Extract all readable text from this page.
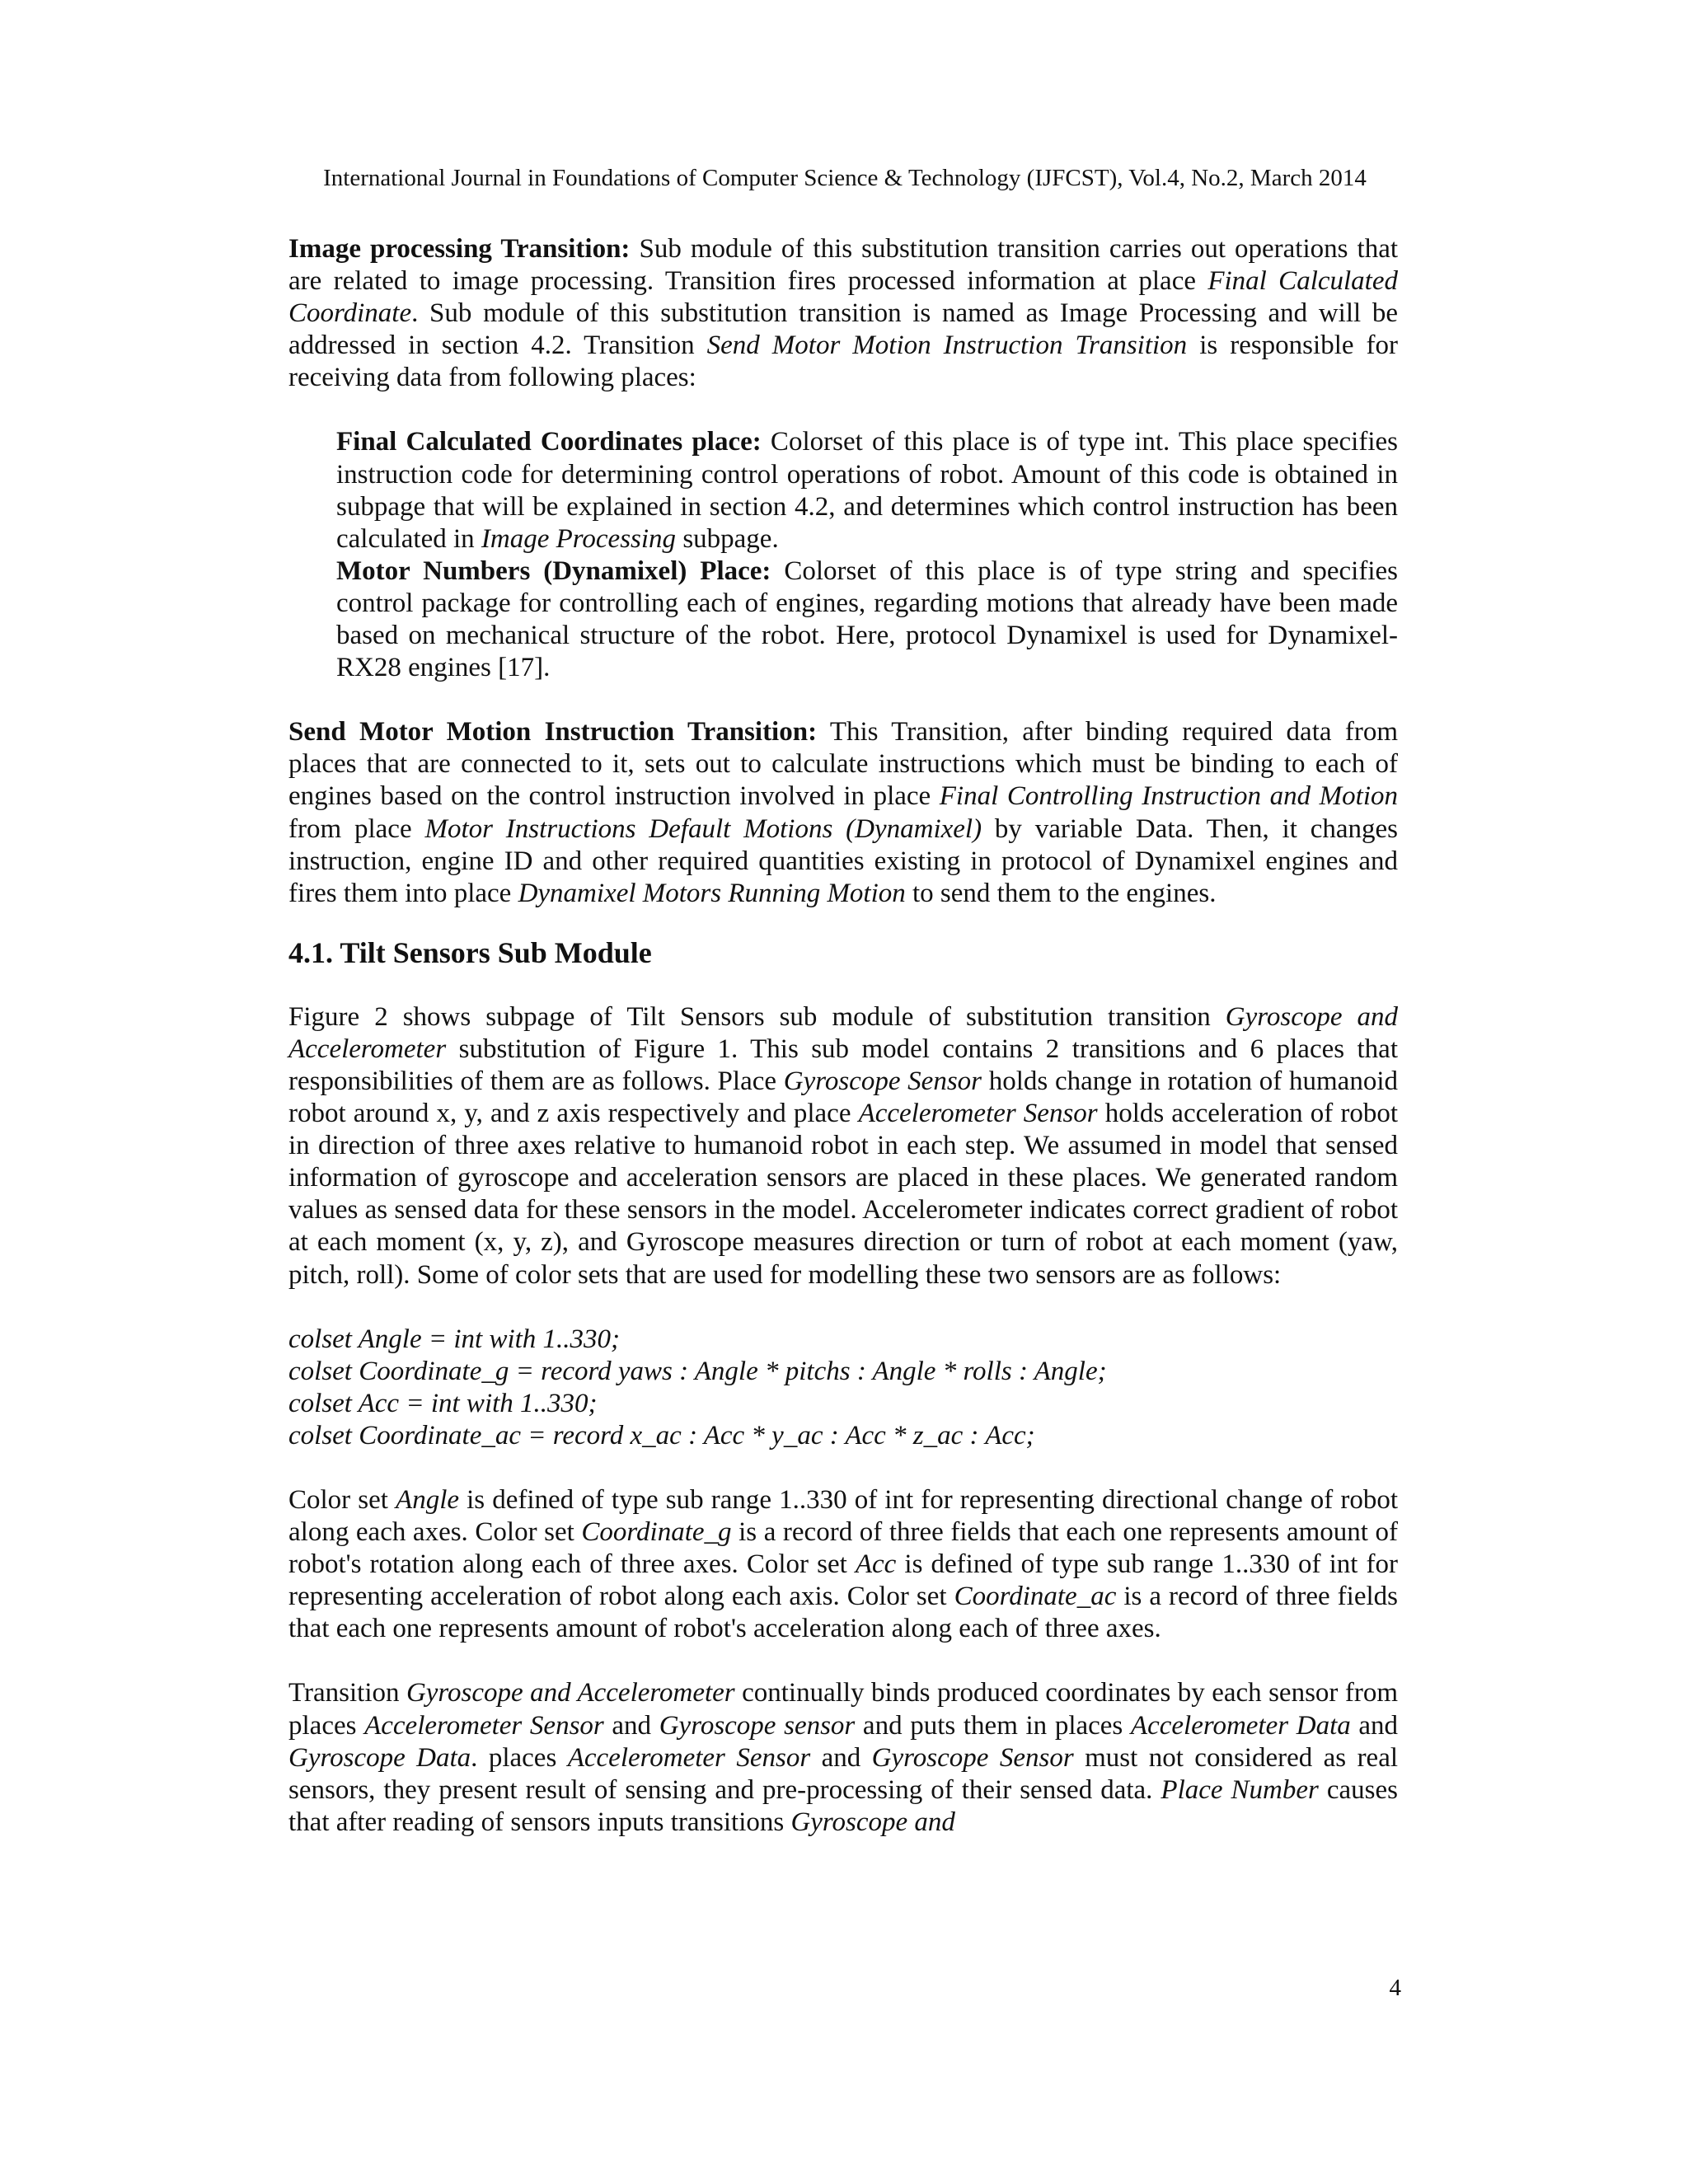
International Journal in Foundations of Computer Science & Technology (IJFCST), Vol.4, No.2, March 2014

Image processing Transition: Sub module of this substitution transition carries out operations that are related to image processing. Transition fires processed information at place Final Calculated Coordinate. Sub module of this substitution transition is named as Image Processing and will be addressed in section 4.2. Transition Send Motor Motion Instruction Transition is responsible for receiving data from following places:

Final Calculated Coordinates place: Colorset of this place is of type int. This place specifies instruction code for determining control operations of robot. Amount of this code is obtained in subpage that will be explained in section 4.2, and determines which control instruction has been calculated in Image Processing subpage.

Motor Numbers (Dynamixel) Place: Colorset of this place is of type string and specifies control package for controlling each of engines, regarding motions that already have been made based on mechanical structure of the robot. Here, protocol Dynamixel is used for Dynamixel-RX28 engines [17].

Send Motor Motion Instruction Transition: This Transition, after binding required data from places that are connected to it, sets out to calculate instructions which must be binding to each of engines based on the control instruction involved in place Final Controlling Instruction and Motion from place Motor Instructions Default Motions (Dynamixel) by variable Data. Then, it changes instruction, engine ID and other required quantities existing in protocol of Dynamixel engines and fires them into place Dynamixel Motors Running Motion to send them to the engines.

4.1. Tilt Sensors Sub Module

Figure 2 shows subpage of Tilt Sensors sub module of substitution transition Gyroscope and Accelerometer substitution of Figure 1. This sub model contains 2 transitions and 6 places that responsibilities of them are as follows. Place Gyroscope Sensor holds change in rotation of humanoid robot around x, y, and z axis respectively and place Accelerometer Sensor holds acceleration of robot in direction of three axes relative to humanoid robot in each step. We assumed in model that sensed information of gyroscope and acceleration sensors are placed in these places. We generated random values as sensed data for these sensors in the model. Accelerometer indicates correct gradient of robot at each moment (x, y, z), and Gyroscope measures direction or turn of robot at each moment (yaw, pitch, roll). Some of color sets that are used for modelling these two sensors are as follows:

colset Angle = int with 1..330;

colset Coordinate_g = record yaws : Angle * pitchs : Angle * rolls : Angle;

colset Acc = int with 1..330;

colset Coordinate_ac = record x_ac : Acc * y_ac : Acc * z_ac : Acc;

Color set Angle is defined of type sub range 1..330 of int for representing directional change of robot along each axes. Color set Coordinate_g is a record of three fields that each one represents amount of robot's rotation along each of three axes. Color set Acc is defined of type sub range 1..330 of int for representing acceleration of robot along each axis. Color set Coordinate_ac is a record of three fields that each one represents amount of robot's acceleration along each of three axes.

Transition Gyroscope and Accelerometer continually binds produced coordinates by each sensor from places Accelerometer Sensor and Gyroscope sensor and puts them in places Accelerometer Data and Gyroscope Data. places Accelerometer Sensor and Gyroscope Sensor must not considered as real sensors, they present result of sensing and pre-processing of their sensed data. Place Number causes that after reading of sensors inputs transitions Gyroscope and

4
